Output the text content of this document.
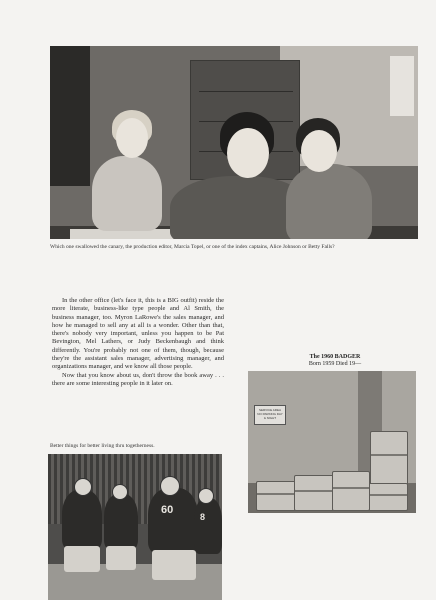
Which one swallowed the canary, the production editor, Marcia Topel, or one of the index captains, Alice Johnson or Betty Falls?

In the other office (let's face it, this is a BIG outfit) reside the more literate, business-like type people and Al Smith, the business manager, too. Myron LaRowe's the sales manager, and how he managed to sell any at all is a wonder. Other than that, there's nobody very important, unless you happen to be Pat Bevington, Mel Lathers, or Judy Beckenbaugh and think differently. You're probably not one of them, though, because they're the assistant sales manager, advertising manager, and organizations manager, and we know all those people.

Now that you know about us, don't throw the book away . . . there are some interesting people in it later on.

The 1960 BADGER
Born 1959 Died 19—
SERVICE AREA NO PARKING DAY & NIGHT
Better things for better living thru togetherness.
60
8
